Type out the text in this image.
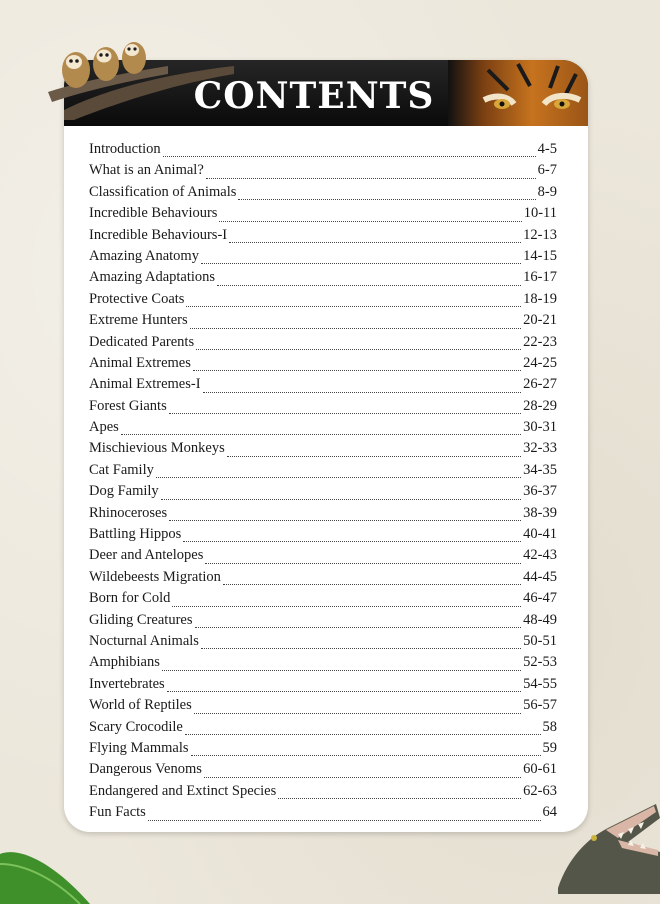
CONTENTS
Introduction	4-5
What is an Animal?	6-7
Classification of Animals	8-9
Incredible Behaviours	10-11
Incredible Behaviours-I	12-13
Amazing Anatomy	14-15
Amazing Adaptations	16-17
Protective Coats	18-19
Extreme Hunters	20-21
Dedicated Parents	22-23
Animal Extremes	24-25
Animal Extremes-I	26-27
Forest Giants	28-29
Apes	30-31
Mischievious Monkeys	32-33
Cat Family	34-35
Dog Family	36-37
Rhinoceroses	38-39
Battling Hippos	40-41
Deer and Antelopes	42-43
Wildebeests Migration	44-45
Born for Cold	46-47
Gliding Creatures	48-49
Nocturnal Animals	50-51
Amphibians	52-53
Invertebrates	54-55
World of Reptiles	56-57
Scary Crocodile	58
Flying Mammals	59
Dangerous Venoms	60-61
Endangered and Extinct Species	62-63
Fun Facts	64
